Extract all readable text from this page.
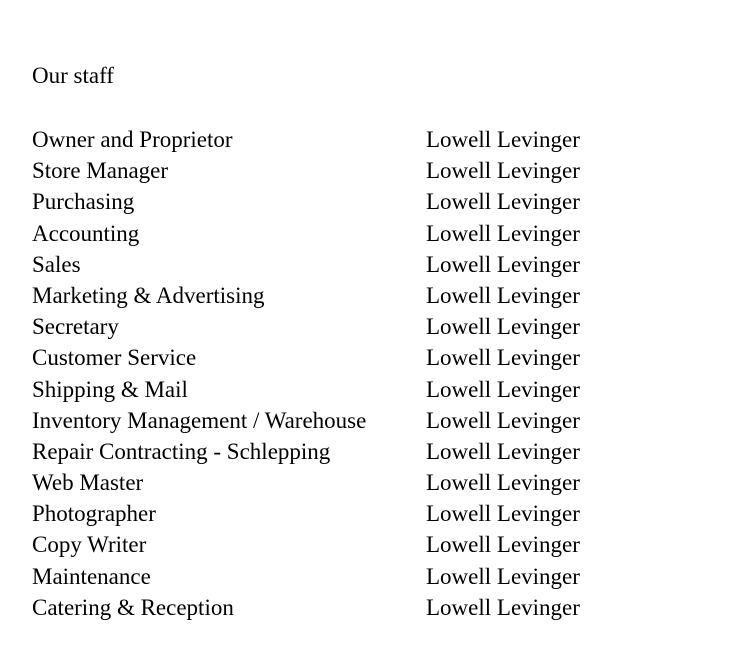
Our staff
Owner and Proprietor	Lowell Levinger
Store Manager	Lowell Levinger
Purchasing	Lowell Levinger
Accounting	Lowell Levinger
Sales	Lowell Levinger
Marketing & Advertising	Lowell Levinger
Secretary	Lowell Levinger
Customer Service	Lowell Levinger
Shipping & Mail	Lowell Levinger
Inventory Management / Warehouse	Lowell Levinger
Repair Contracting - Schlepping	Lowell Levinger
Web Master	Lowell Levinger
Photographer	Lowell Levinger
Copy Writer	Lowell Levinger
Maintenance	Lowell Levinger
Catering & Reception	Lowell Levinger
